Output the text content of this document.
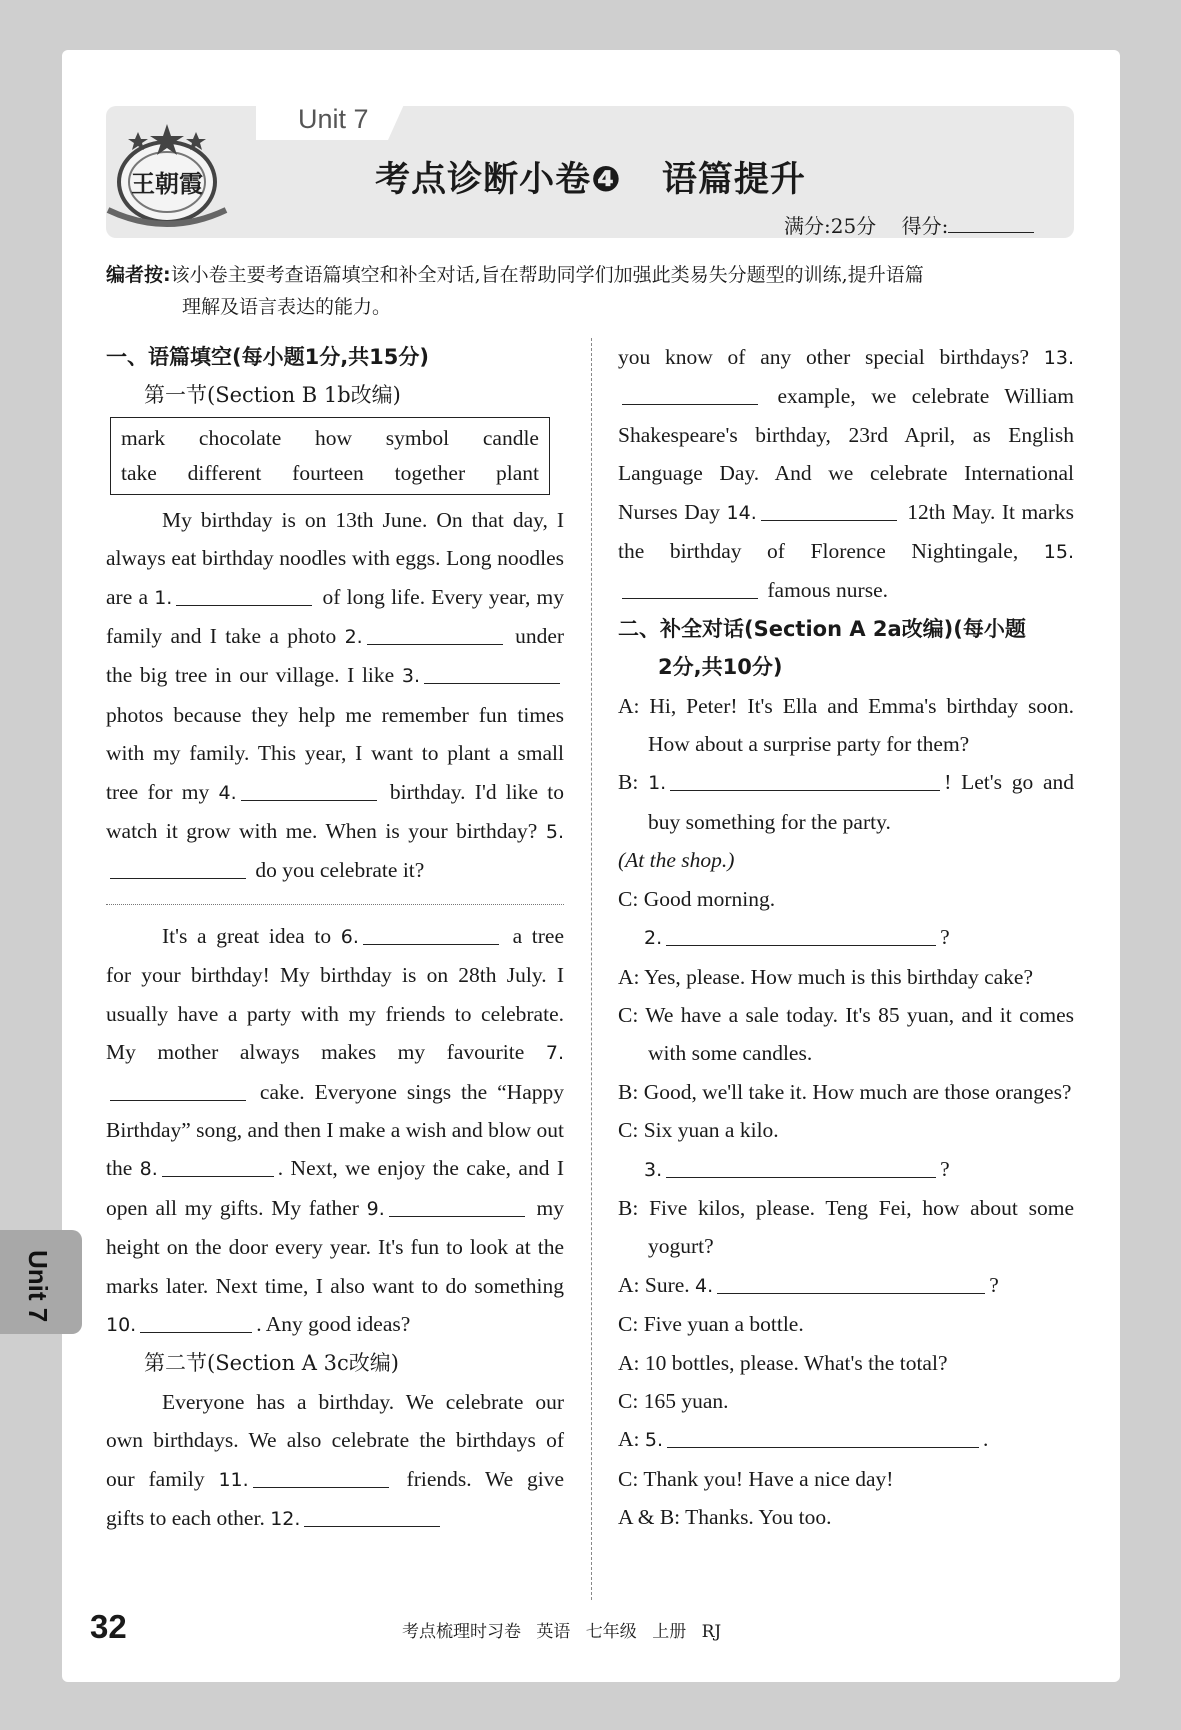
Unit 7
王朝霞	考点诊断小卷❹ 语篇提升
满分:25分 得分:
编者按:该小卷主要考查语篇填空和补全对话,旨在帮助同学们加强此类易失分题型的训练,提升语篇
理解及语言表达的能力。
一、语篇填空(每小题1分,共15分)
第一节(Section B 1b改编)
mark chocolate how symbol candle
take different fourteen together plant

My birthday is on 13th June. On that day, I always eat birthday noodles with eggs. Long noodles are a 1.	of long life. Every year, my family and I take a photo 2.	under the big tree in our village. I like 3. photos because they help me remember fun times with my family. This year, I want to plant a small tree for my 4.	birthday. I'd like to watch it grow with me. When is your birthday? 5. do you celebrate it?

It's a great idea to 6.	a tree for your birthday! My birthday is on 28th July. I usually have a party with my friends to celebrate. My mother always makes my favourite 7. cake. Everyone sings the “Happy Birthday” song, and then I make a wish and blow out the 8.	. Next, we enjoy the cake, and I open all my gifts. My father 9.	my height on the door every year. It's fun to look at the marks later. Next time, I also want to do something 10.	. Any good ideas?

第二节(Section A 3c改编)

Everyone has a birthday. We celebrate our own birthdays. We also celebrate the birthdays of our family 11.	friends. We give gifts to each other. 12.

you know of any other special birthdays? 13. example, we celebrate William Shakespeare's birthday, 23rd April, as English Language Day. And we celebrate International Nurses Day 14.	12th May. It marks the birthday of Florence Nightingale, 15. famous nurse.

二、补全对话(Section A 2a改编)(每小题
2分,共10分)

A: Hi, Peter! It's Ella and Emma's birthday soon. How about a surprise party for them?

B: 1.	! Let's go and buy something for the party.

(At the shop.)

C: Good morning.

2.	?

A: Yes, please. How much is this birthday cake?

C: We have a sale today. It's 85 yuan, and it comes with some candles.

B: Good, we'll take it. How much are those oranges?

C: Six yuan a kilo.

3.	?

B: Five kilos, please. Teng Fei, how about some yogurt?

A: Sure. 4.	?

C: Five yuan a bottle.

A: 10 bottles, please. What's the total?

C: 165 yuan.

A: 5.	.

C: Thank you! Have a nice day!

A & B: Thanks. You too.

Unit 7
32	考点梳理时习卷 英语 七年级 上册 RJ
